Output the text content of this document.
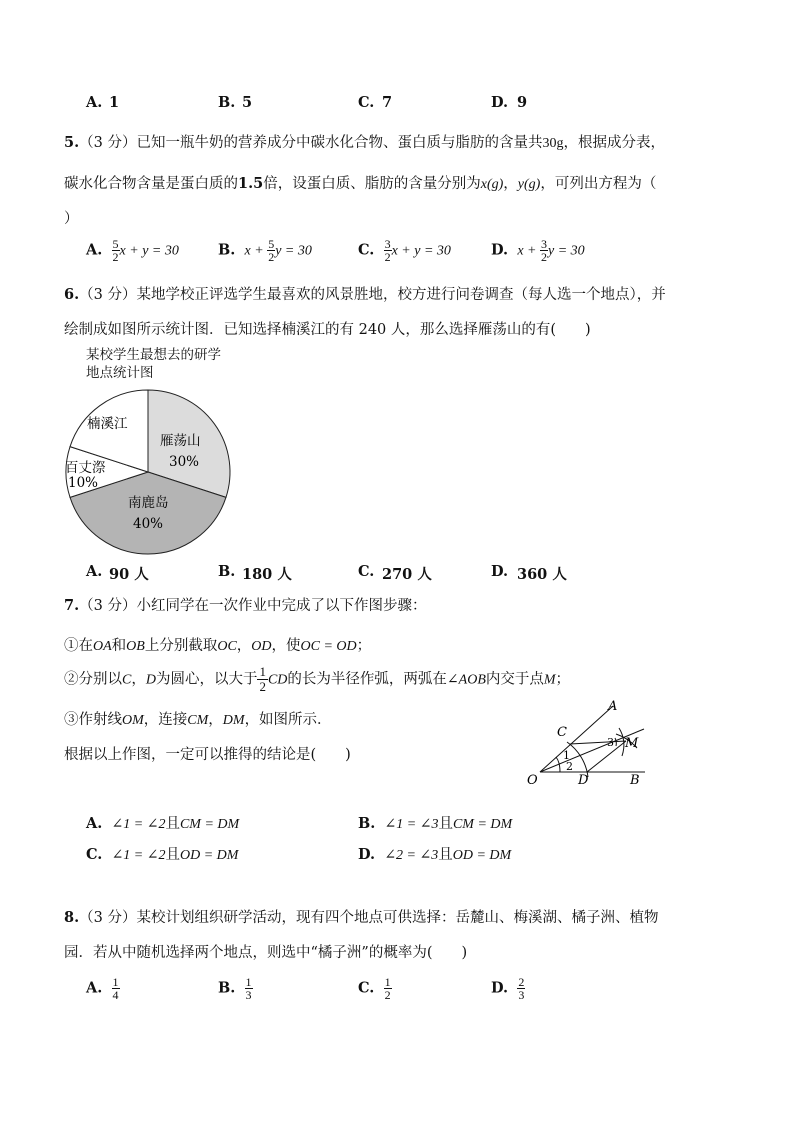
A. 1	B. 5	C. 7	D. 9
5.（3 分）已知一瓶牛奶的营养成分中碳水化合物、蛋白质与脂肪的含量共30g，根据成分表，
碳水化合物含量是蛋白质的1.5倍，设蛋白质、脂肪的含量分别为x(g)，y(g)，可列出方程为（
）
A. $\frac{5}{2}$ x + y = 30	B. $x + \frac{5}{2}$ y = 30	C. $\frac{3}{2}$ x + y = 30	D. $x + \frac{3}{2}$ y = 30
6.（3 分）某地学校正评选学生最喜欢的风景胜地，校方进行问卷调查（每人选一个地点），并
绘制成如图所示统计图．已知选择楠溪江的有 240 人，那么选择雁荡山的有(　　)
某校学生最想去的研学
地点统计图
雁荡山
30%
南鹿岛
40%
百丈漈
10%
楠溪江
A. 90 人	B. 180 人	C. 270 人	D. 360 人
7.（3 分）小红同学在一次作业中完成了以下作图步骤：
①在OA和OB上分别截取OC，OD，使OC = OD；
②分别以C，D为圆心，以大于 $\frac{1}{2}$ CD的长为半径作弧，两弧在∠AOB内交于点M；
③作射线OM，连接CM，DM，如图所示．
根据以上作图，一定可以推得的结论是(　　)
A
C
M
O	D	B
1
2
3
A. ∠1 = ∠2且CM = DM	B. ∠1 = ∠3且CM = DM
C. ∠1 = ∠2且OD = DM	D. ∠2 = ∠3且OD = DM
8.（3 分）某校计划组织研学活动，现有四个地点可供选择：岳麓山、梅溪湖、橘子洲、植物
园．若从中随机选择两个地点，则选中“橘子洲”的概率为(　　)
A. $\frac{1}{4}$	B. $\frac{1}{3}$	C. $\frac{1}{2}$	D. $\frac{2}{3}$
